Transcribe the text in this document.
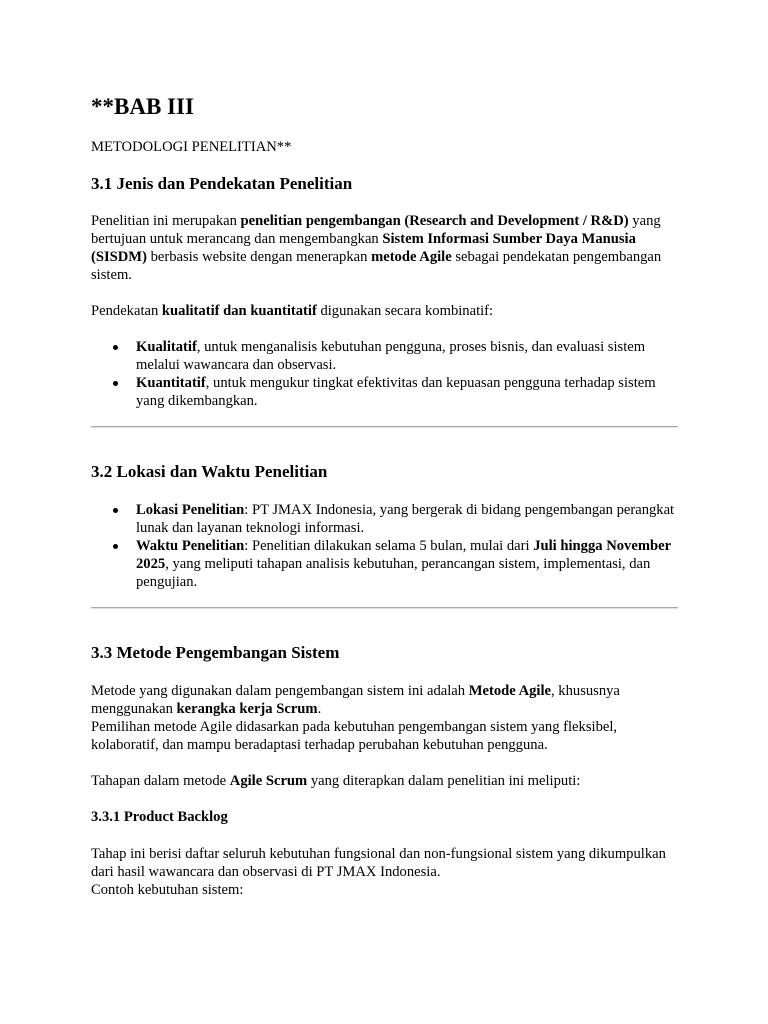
**BAB III
METODOLOGI PENELITIAN**
3.1 Jenis dan Pendekatan Penelitian
Penelitian ini merupakan penelitian pengembangan (Research and Development / R&D) yang bertujuan untuk merancang dan mengembangkan Sistem Informasi Sumber Daya Manusia (SISDM) berbasis website dengan menerapkan metode Agile sebagai pendekatan pengembangan sistem.
Pendekatan kualitatif dan kuantitatif digunakan secara kombinatif:
Kualitatif, untuk menganalisis kebutuhan pengguna, proses bisnis, dan evaluasi sistem melalui wawancara dan observasi.
Kuantitatif, untuk mengukur tingkat efektivitas dan kepuasan pengguna terhadap sistem yang dikembangkan.
3.2 Lokasi dan Waktu Penelitian
Lokasi Penelitian: PT JMAX Indonesia, yang bergerak di bidang pengembangan perangkat lunak dan layanan teknologi informasi.
Waktu Penelitian: Penelitian dilakukan selama 5 bulan, mulai dari Juli hingga November 2025, yang meliputi tahapan analisis kebutuhan, perancangan sistem, implementasi, dan pengujian.
3.3 Metode Pengembangan Sistem
Metode yang digunakan dalam pengembangan sistem ini adalah Metode Agile, khususnya menggunakan kerangka kerja Scrum.
Pemilihan metode Agile didasarkan pada kebutuhan pengembangan sistem yang fleksibel, kolaboratif, dan mampu beradaptasi terhadap perubahan kebutuhan pengguna.
Tahapan dalam metode Agile Scrum yang diterapkan dalam penelitian ini meliputi:
3.3.1 Product Backlog
Tahap ini berisi daftar seluruh kebutuhan fungsional dan non-fungsional sistem yang dikumpulkan dari hasil wawancara dan observasi di PT JMAX Indonesia.
Contoh kebutuhan sistem:
